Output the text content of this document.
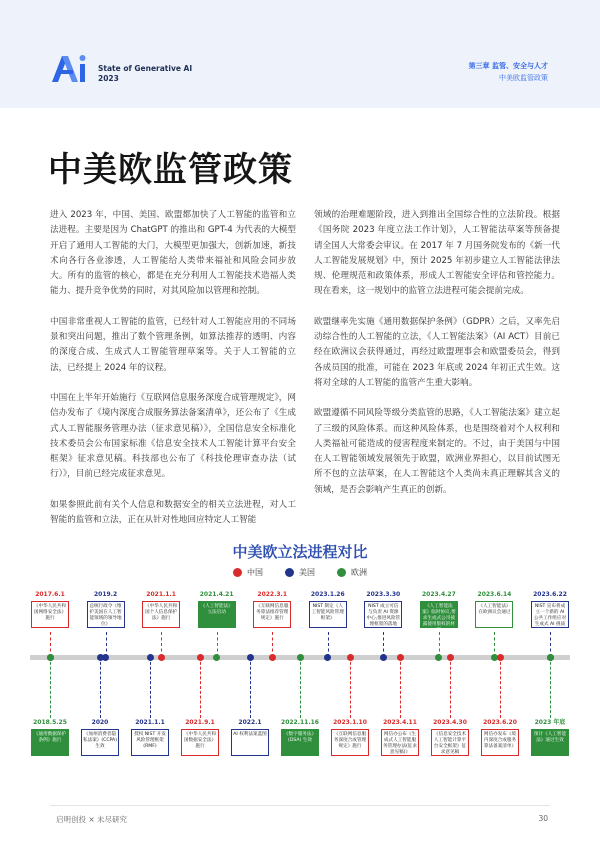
State of Generative AI
2023
第三章 监管、安全与人才
中美欧监管政策
中美欧监管政策

进入 2023 年，中国、美国、欧盟都加快了人工智能的监管和立法进程。主要是因为 ChatGPT 的推出和 GPT-4 为代表的大模型开启了通用人工智能的大门，大模型更加强大，创新加速，新技术向各行各业渗透，人工智能给人类带来福祉和风险会同步放大。所有的监管的核心，都是在充分利用人工智能技术造福人类能力、提升竞争优势的同时，对其风险加以管理和控制。

中国非常重视人工智能的监管，已经针对人工智能应用的不同场景和突出问题，推出了数个管理条例，如算法推荐的透明、内容的深度合成、生成式人工智能管理草案等。关于人工智能的立法，已经提上 2024 年的议程。

中国在上半年开始施行《互联网信息服务深度合成管理规定》，网信办发布了《境内深度合成服务算法备案清单》，还公布了《生成式人工智能服务管理办法（征求意见稿）》，全国信息安全标准化技术委员会公布国家标准《信息安全技术人工智能计算平台安全框架》征求意见稿。科技部也公布了《科技伦理审查办法（试行）》，目前已经完成征求意见。

如果参照此前有关个人信息和数据安全的相关立法进程，对人工智能的监管和立法，正在从针对性地回应特定人工智能

领域的治理难题阶段，进入到推出全国综合性的立法阶段。根据《国务院 2023 年度立法工作计划》，人工智能法草案等预备提请全国人大常委会审议。在 2017 年 7 月国务院发布的《新一代人工智能发展规划》中，预计 2025 年初步建立人工智能法律法规、伦理规范和政策体系，形成人工智能安全评估和管控能力。现在看来，这一规划中的监管立法进程可能会提前完成。

欧盟继率先实施《通用数据保护条例》（GDPR）之后，又率先启动综合性的人工智能的立法，《人工智能法案》（AI ACT）目前已经在欧洲议会获得通过，再经过欧盟理事会和欧盟委员会，得到各成员国的批准，可能在 2023 年底或 2024 年初正式生效。这将对全球的人工智能的监管产生重大影响。

欧盟遵循不同风险等级分类监管的思路，《人工智能法案》建立起了三级的风险体系。而这种风险体系，也是围绕着对个人权利和人类福祉可能造成的侵害程度来制定的。不过，由于美国与中国在人工智能领域发展领先于欧盟，欧洲业界担心，以目前试图无所不包的立法草案，在人工智能这个人类尚未真正理解其含义的领域，是否会影响产生真正的创新。

中美欧立法进程对比
中国	美国	欧洲
2017.6.1
《中华人民共和国网络安全法》施行
2019.2
总统行政令《维护美国在人工智能领域的领导地位》
2021.1.1
《中华人民共和国个人信息保护法》施行
2021.4.21
《人工智能法》立法启动
2022.3.1
《互联网信息服务算法推荐管理规定》施行
2023.1.26
NIST 制定《人工智能风险管理框架》
2023.3.30
NIST 成立可信与负责 AI 资源中心,推进风险管理框架的落地
2023.4.27
《人工智能法案》临时协议,要求生成式公司披露使用版权的材料
2023.6.14
《人工智能法》在欧洲议会通过
2023.6.22
NIST 宣布将成立一个新的 AI 公共工作组应对生成式 AI 挑战
2018.5.25
《通用数据保护条例》施行
2020
《加州消费者隐私法案》(CCPA) 生效
2021.1.1
授权 NIST 开发风险管理框架 (RMF)
2021.9.1
《中华人民共和国数据安全法》施行
2022.1
AI 权利法案蓝图
2022.11.16
《数字服务法》(DSA) 生效
2023.1.10
《互联网信息服务深度合成管理规定》施行
2023.4.11
网信办公布《生成式人工智能服务管理办法(征求意见稿)》
2023.4.30
《信息安全技术人工智能计算平台安全框架》征求意见稿
2023.6.20
网信办发布《境内深度合成服务算法备案清单》
2023 年底
预计《人工智能法》通过生效
启明创投 × 未尽研究	30
